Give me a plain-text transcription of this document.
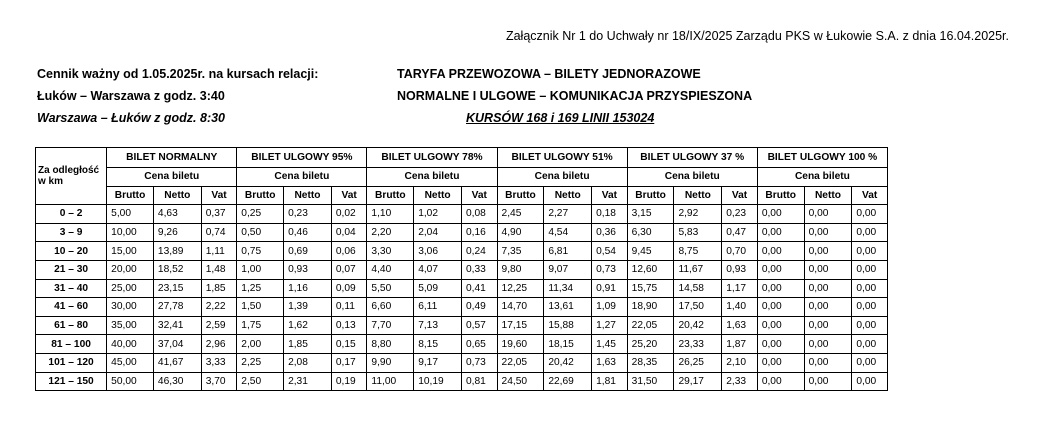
Załącznik Nr 1 do Uchwały nr 18/IX/2025 Zarządu PKS w Łukowie S.A. z dnia 16.04.2025r.
Cennik ważny od 1.05.2025r. na kursach relacji:
Łuków – Warszawa z godz. 3:40
Warszawa – Łuków z godz. 8:30
TARYFA PRZEWOZOWA – BILETY JEDNORAZOWE
NORMALNE I ULGOWE – KOMUNIKACJA PRZYSPIESZONA
KURSÓW 168 i 169 LINII 153024
Za odległość w km	BILET NORMALNY			BILET ULGOWY 95%			BILET ULGOWY 78%			BILET ULGOWY 51%			BILET ULGOWY 37 %			BILET ULGOWY 100 %		
	Cena biletu			Cena biletu			Cena biletu			Cena biletu			Cena biletu			Cena biletu		
	Brutto	Netto	Vat	Brutto	Netto	Vat	Brutto	Netto	Vat	Brutto	Netto	Vat	Brutto	Netto	Vat	Brutto	Netto	Vat
0 – 2	5,00	4,63	0,37	0,25	0,23	0,02	1,10	1,02	0,08	2,45	2,27	0,18	3,15	2,92	0,23	0,00	0,00	0,00
3 – 9	10,00	9,26	0,74	0,50	0,46	0,04	2,20	2,04	0,16	4,90	4,54	0,36	6,30	5,83	0,47	0,00	0,00	0,00
10 – 20	15,00	13,89	1,11	0,75	0,69	0,06	3,30	3,06	0,24	7,35	6,81	0,54	9,45	8,75	0,70	0,00	0,00	0,00
21 – 30	20,00	18,52	1,48	1,00	0,93	0,07	4,40	4,07	0,33	9,80	9,07	0,73	12,60	11,67	0,93	0,00	0,00	0,00
31 – 40	25,00	23,15	1,85	1,25	1,16	0,09	5,50	5,09	0,41	12,25	11,34	0,91	15,75	14,58	1,17	0,00	0,00	0,00
41 – 60	30,00	27,78	2,22	1,50	1,39	0,11	6,60	6,11	0,49	14,70	13,61	1,09	18,90	17,50	1,40	0,00	0,00	0,00
61 – 80	35,00	32,41	2,59	1,75	1,62	0,13	7,70	7,13	0,57	17,15	15,88	1,27	22,05	20,42	1,63	0,00	0,00	0,00
81 – 100	40,00	37,04	2,96	2,00	1,85	0,15	8,80	8,15	0,65	19,60	18,15	1,45	25,20	23,33	1,87	0,00	0,00	0,00
101 – 120	45,00	41,67	3,33	2,25	2,08	0,17	9,90	9,17	0,73	22,05	20,42	1,63	28,35	26,25	2,10	0,00	0,00	0,00
121 – 150	50,00	46,30	3,70	2,50	2,31	0,19	11,00	10,19	0,81	24,50	22,69	1,81	31,50	29,17	2,33	0,00	0,00	0,00
